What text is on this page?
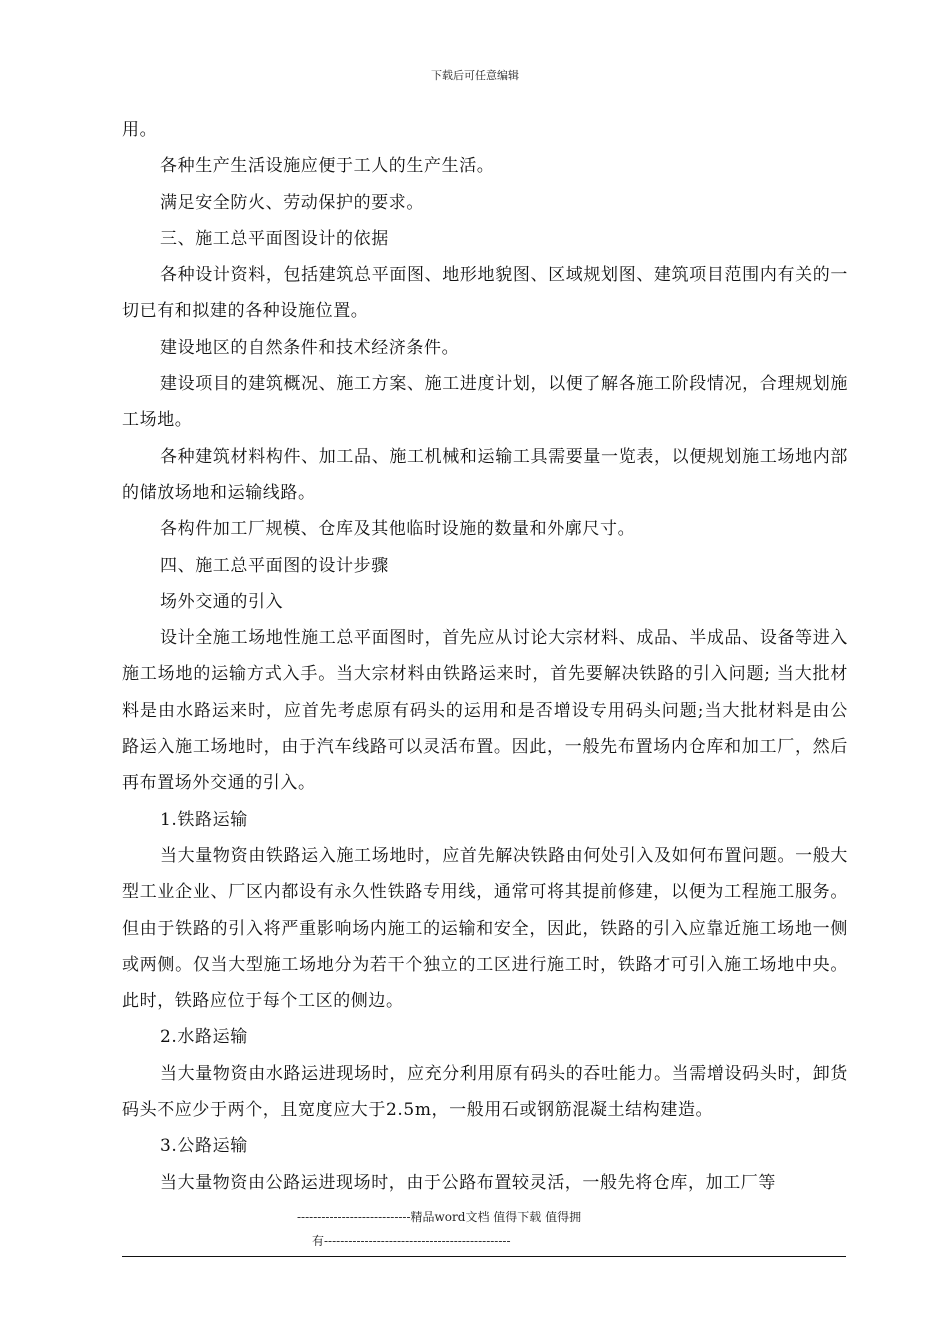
下载后可任意编辑

用。

各种生产生活设施应便于工人的生产生活。

满足安全防火、劳动保护的要求。

三、施工总平面图设计的依据

各种设计资料，包括建筑总平面图、地形地貌图、区域规划图、建筑项目范围内有关的一切已有和拟建的各种设施位置。

建设地区的自然条件和技术经济条件。

建设项目的建筑概况、施工方案、施工进度计划，以便了解各施工阶段情况，合理规划施工场地。

各种建筑材料构件、加工品、施工机械和运输工具需要量一览表，以便规划施工场地内部的储放场地和运输线路。

各构件加工厂规模、仓库及其他临时设施的数量和外廓尺寸。

四、施工总平面图的设计步骤

场外交通的引入

设计全施工场地性施工总平面图时，首先应从讨论大宗材料、成品、半成品、设备等进入施工场地的运输方式入手。当大宗材料由铁路运来时，首先要解决铁路的引入问题; 当大批材料是由水路运来时，应首先考虑原有码头的运用和是否增设专用码头问题;当大批材料是由公路运入施工场地时，由于汽车线路可以灵活布置。因此，一般先布置场内仓库和加工厂，然后再布置场外交通的引入。

1.铁路运输

当大量物资由铁路运入施工场地时，应首先解决铁路由何处引入及如何布置问题。一般大型工业企业、厂区内都设有永久性铁路专用线，通常可将其提前修建，以便为工程施工服务。但由于铁路的引入将严重影响场内施工的运输和安全，因此，铁路的引入应靠近施工场地一侧或两侧。仅当大型施工场地分为若干个独立的工区进行施工时，铁路才可引入施工场地中央。此时，铁路应位于每个工区的侧边。

2.水路运输

当大量物资由水路运进现场时，应充分利用原有码头的吞吐能力。当需增设码头时，卸货码头不应少于两个，且宽度应大于2.5m，一般用石或钢筋混凝土结构建造。

3.公路运输

当大量物资由公路运进现场时，由于公路布置较灵活，一般先将仓库，加工厂等

----------------------------精品word文档 值得下载 值得拥
有----------------------------------------------
